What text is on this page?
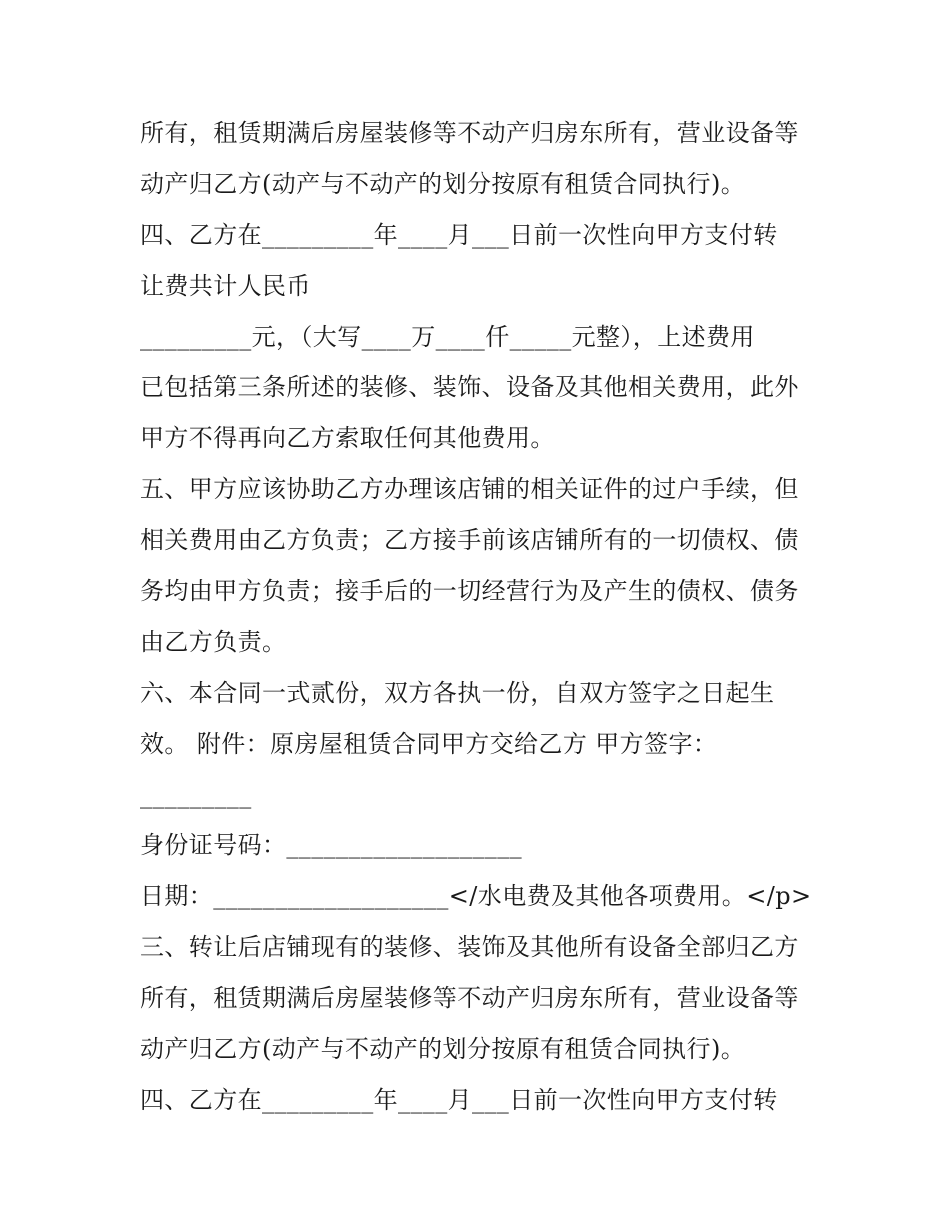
所有，租赁期满后房屋装修等不动产归房东所有，营业设备等
动产归乙方(动产与不动产的划分按原有租赁合同执行)。
四、乙方在_________年____月___日前一次性向甲方支付转
让费共计人民币
_________元，（大写____万____仟_____元整），上述费用
已包括第三条所述的装修、装饰、设备及其他相关费用，此外
甲方不得再向乙方索取任何其他费用。
五、甲方应该协助乙方办理该店铺的相关证件的过户手续，但
相关费用由乙方负责；乙方接手前该店铺所有的一切债权、债
务均由甲方负责；接手后的一切经营行为及产生的债权、债务
由乙方负责。
六、本合同一式贰份，双方各执一份，自双方签字之日起生
效。 附件：原房屋租赁合同甲方交给乙方 甲方签字：
_________
身份证号码：___________________
日期：___________________</水电费及其他各项费用。</p>
三、转让后店铺现有的装修、装饰及其他所有设备全部归乙方
所有，租赁期满后房屋装修等不动产归房东所有，营业设备等
动产归乙方(动产与不动产的划分按原有租赁合同执行)。
四、乙方在_________年____月___日前一次性向甲方支付转
